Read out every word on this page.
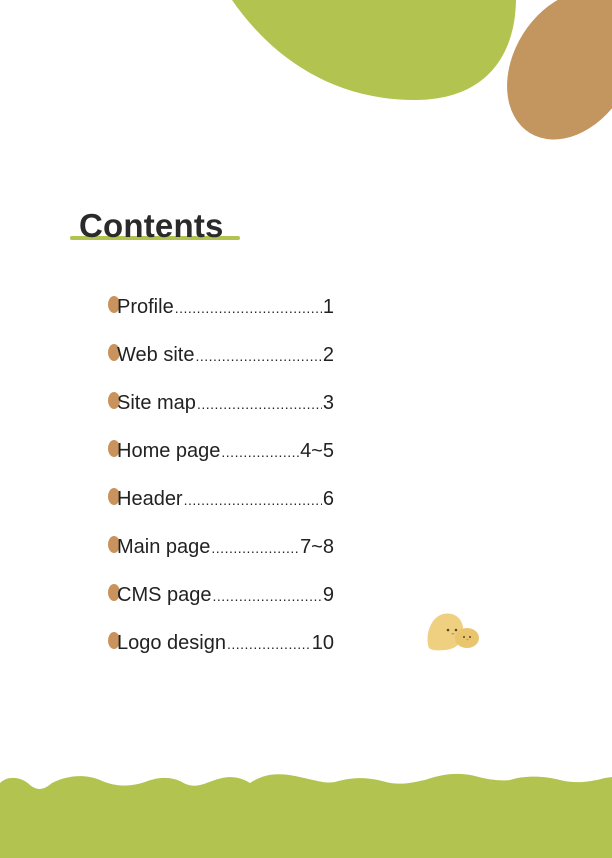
Contents
Profile .....	1
Web site .....	2
Site map .....	3
Home page .....	4~5
Header .....	6
Main page .....	7~8
CMS page .....	9
Logo design .....	10
